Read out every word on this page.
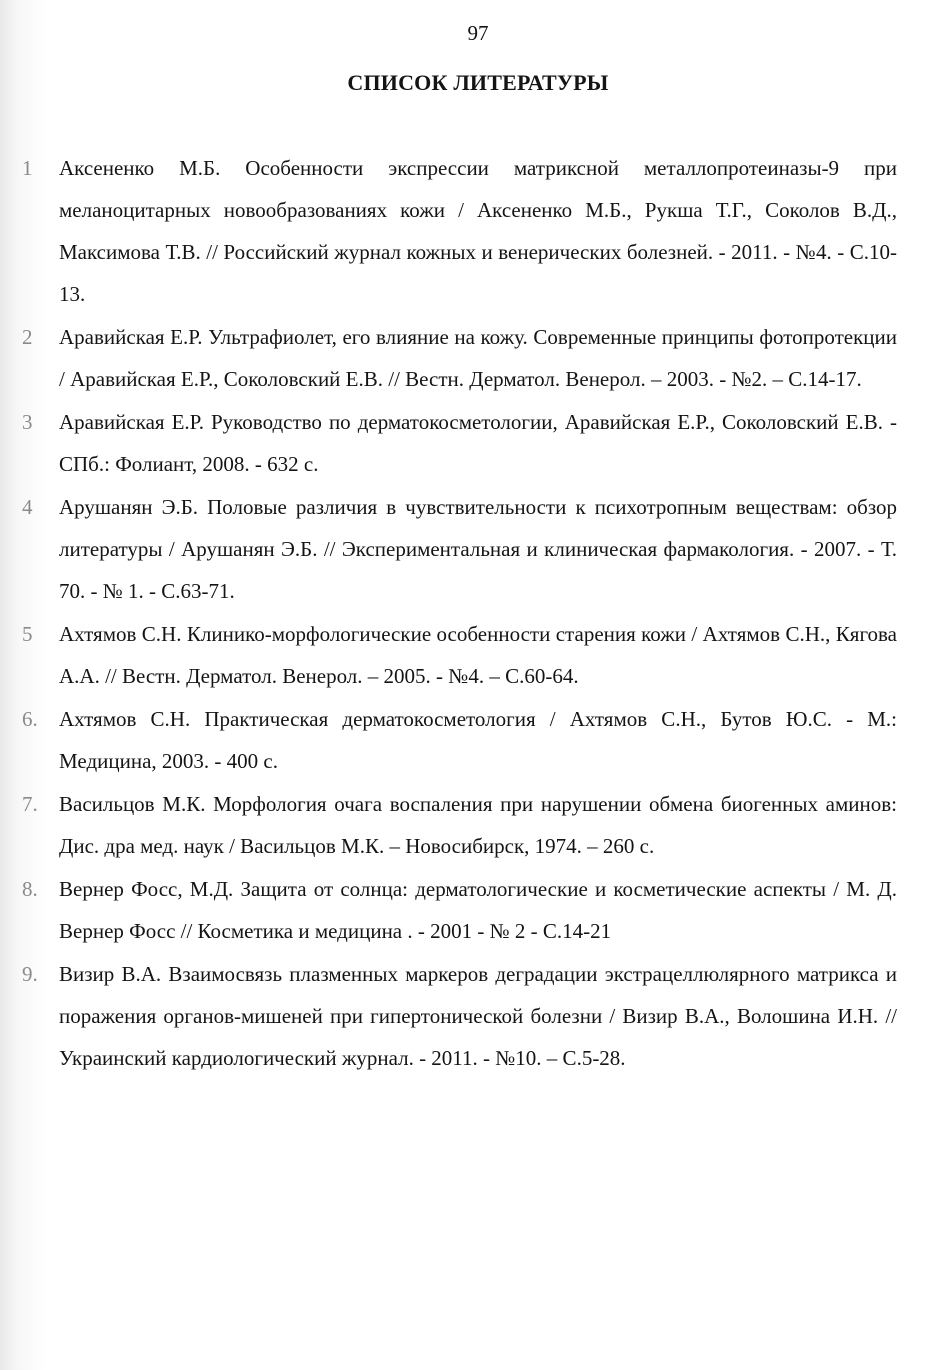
97
СПИСОК ЛИТЕРАТУРЫ
1	Аксененко М.Б. Особенности экспрессии матриксной металлопротеиназы-9 при меланоцитарных новообразованиях кожи / Аксененко М.Б., Рукша Т.Г., Соколов В.Д., Максимова Т.В. // Российский журнал кожных и венерических болезней. - 2011. - №4. - С.10-13.
2	Аравийская Е.Р. Ультрафиолет, его влияние на кожу. Современные принципы фотопротекции / Аравийская Е.Р., Соколовский Е.В. // Вестн. Дерматол. Венерол. – 2003. - №2. – С.14-17.
3	Аравийская Е.Р. Руководство по дерматокосметологии, Аравийская Е.Р., Соколовский Е.В. - СПб.: Фолиант, 2008. - 632 с.
4	Арушанян Э.Б. Половые различия в чувствительности к психотропным веществам: обзор литературы / Арушанян Э.Б. // Экспериментальная и клиническая фармакология. - 2007. - Т. 70. - № 1. - С.63-71.
5	Ахтямов С.Н. Клинико-морфологические особенности старения кожи / Ахтямов С.Н., Кягова А.А. // Вестн. Дерматол. Венерол. – 2005. - №4. – С.60-64.
6.	Ахтямов С.Н. Практическая дерматокосметология / Ахтямов С.Н., Бутов Ю.С. - М.: Медицина, 2003. - 400 с.
7.	Васильцов М.К. Морфология очага воспаления при нарушении обмена биогенных аминов: Дис. дра мед. наук / Васильцов М.К. – Новосибирск, 1974. – 260 с.
8.	Вернер Фосс, М.Д. Защита от солнца: дерматологические и косметические аспекты / М. Д. Вернер Фосс // Косметика и медицина . - 2001 - № 2 - С.14-21
9.	Визир В.А. Взаимосвязь плазменных маркеров деградации экстрацеллюлярного матрикса и поражения органов-мишеней при гипертонической болезни / Визир В.А., Волошина И.Н. // Украинский кардиологический журнал. - 2011. - №10. – С.5-28.
